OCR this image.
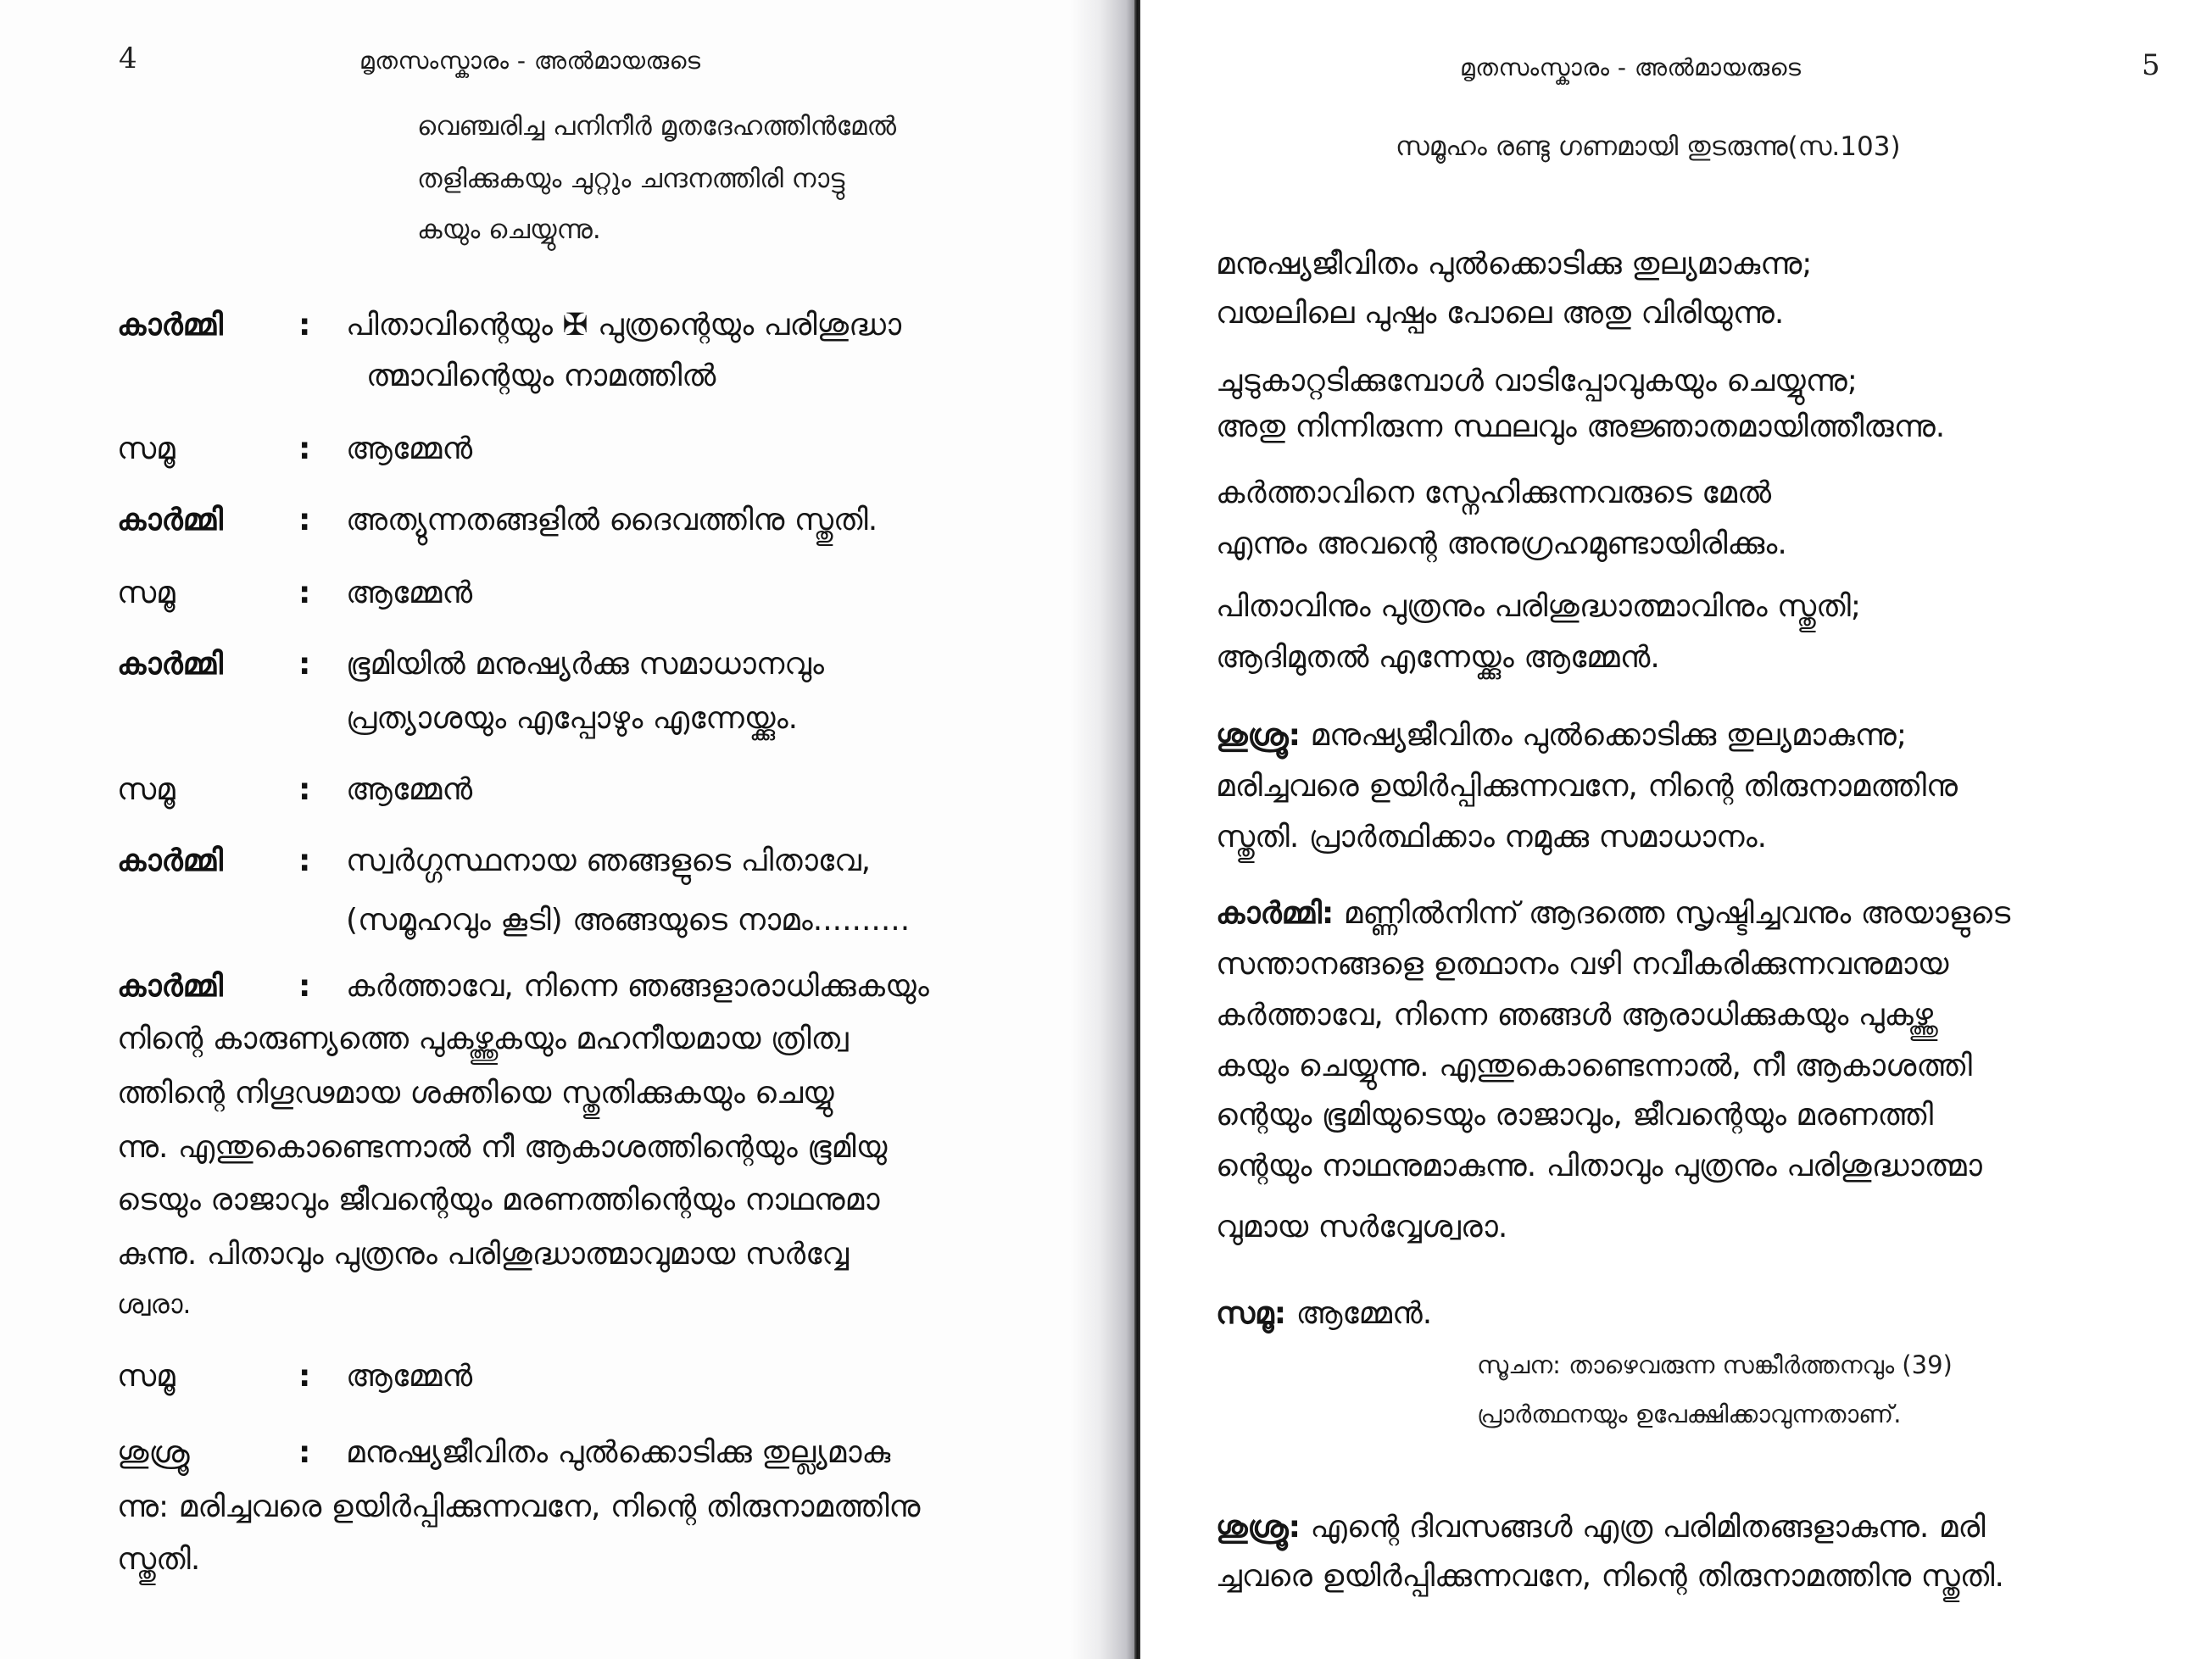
4	മൃതസംസ്കാരം - അൽമായരുടെ
വെഞ്ചരിച്ച പനിനീർ മൃതദേഹത്തിൻമേൽ
തളിക്കുകയും ചുറ്റും ചന്ദനത്തിരി നാട്ടു
കയും ചെയ്യുന്നു.
കാർമ്മി : പിതാവിന്റെയും ✠ പുത്രന്റെയും പരിശുദ്ധാ
ത്മാവിന്റെയും നാമത്തിൽ
സമൂ	: ആമ്മേൻ
കാർമ്മി : അത്യുന്നതങ്ങളിൽ ദൈവത്തിനു സ്തുതി.
സമൂ	: ആമ്മേൻ
കാർമ്മി : ഭൂമിയിൽ മനുഷ്യർക്കു സമാധാനവും
പ്രത്യാശയും എപ്പോഴും എന്നേയ്ക്കും.
സമൂ	: ആമ്മേൻ
കാർമ്മി : സ്വർഗ്ഗസ്ഥനായ ഞങ്ങളുടെ പിതാവേ,
(സമൂഹവും കൂടി) അങ്ങയുടെ നാമം..........
കാർമ്മി : കർത്താവേ, നിന്നെ ഞങ്ങളാരാധിക്കുകയും
നിന്റെ കാരുണ്യത്തെ പുകഴ്ത്തുകയും മഹനീയമായ ത്രിത്വ
ത്തിന്റെ നിഗൂഢമായ ശക്തിയെ സ്തുതിക്കുകയും ചെയ്യു
ന്നു. എന്തുകൊണ്ടെന്നാൽ നീ ആകാശത്തിന്റെയും ഭൂമിയു
ടെയും രാജാവും ജീവന്റെയും മരണത്തിന്റെയും നാഥനുമാ
കുന്നു. പിതാവും പുത്രനും പരിശുദ്ധാത്മാവുമായ സർവ്വേ
ശ്വരാ.
സമൂ	: ആമ്മേൻ
ശുശ്രൂ	: മനുഷ്യജീവിതം പുൽക്കൊടിക്കു തുല്ല്യമാകു
ന്നു: മരിച്ചവരെ ഉയിർപ്പിക്കുന്നവനേ, നിന്റെ തിരുനാമത്തിനു
സ്തുതി.
മൃതസംസ്കാരം - അൽമായരുടെ	5
സമൂഹം രണ്ടു ഗണമായി തുടരുന്നു(സ.103)
മനുഷ്യജീവിതം പുൽക്കൊടിക്കു തുല്യമാകുന്നു;
വയലിലെ പുഷ്പം പോലെ അതു വിരിയുന്നു.
ചുടുകാറ്റടിക്കുമ്പോൾ വാടിപ്പോവുകയും ചെയ്യുന്നു;
അതു നിന്നിരുന്ന സ്ഥലവും അജ്ഞാതമായിത്തീരുന്നു.
കർത്താവിനെ സ്നേഹിക്കുന്നവരുടെ മേൽ
എന്നും അവന്റെ അനുഗ്രഹമുണ്ടായിരിക്കും.
പിതാവിനും പുത്രനും പരിശുദ്ധാത്മാവിനും സ്തുതി;
ആദിമുതൽ എന്നേയ്ക്കും ആമ്മേൻ.
ശുശ്രൂ: മനുഷ്യജീവിതം പുൽക്കൊടിക്കു തുല്യമാകുന്നു;
മരിച്ചവരെ ഉയിർപ്പിക്കുന്നവനേ, നിന്റെ തിരുനാമത്തിനു
സ്തുതി. പ്രാർത്ഥിക്കാം നമുക്കു സമാധാനം.
കാർമ്മി: മണ്ണിൽനിന്ന് ആദത്തെ സൃഷ്ടിച്ചവനും അയാളുടെ
സന്താനങ്ങളെ ഉത്ഥാനം വഴി നവീകരിക്കുന്നവനുമായ
കർത്താവേ, നിന്നെ ഞങ്ങൾ ആരാധിക്കുകയും പുകഴ്ത്തു
കയും ചെയ്യുന്നു. എന്തുകൊണ്ടെന്നാൽ, നീ ആകാശത്തി
ന്റെയും ഭൂമിയുടെയും രാജാവും, ജീവന്റെയും മരണത്തി
ന്റെയും നാഥനുമാകുന്നു. പിതാവും പുത്രനും പരിശുദ്ധാത്മാ
വുമായ സർവ്വേശ്വരാ.
സമൂ: ആമ്മേൻ.
സൂചന: താഴെവരുന്ന സങ്കീർത്തനവും (39)
പ്രാർത്ഥനയും ഉപേക്ഷിക്കാവുന്നതാണ്.
ശുശ്രൂ: എന്റെ ദിവസങ്ങൾ എത്ര പരിമിതങ്ങളാകുന്നു. മരി
ച്ചവരെ ഉയിർപ്പിക്കുന്നവനേ, നിന്റെ തിരുനാമത്തിനു സ്തുതി.
